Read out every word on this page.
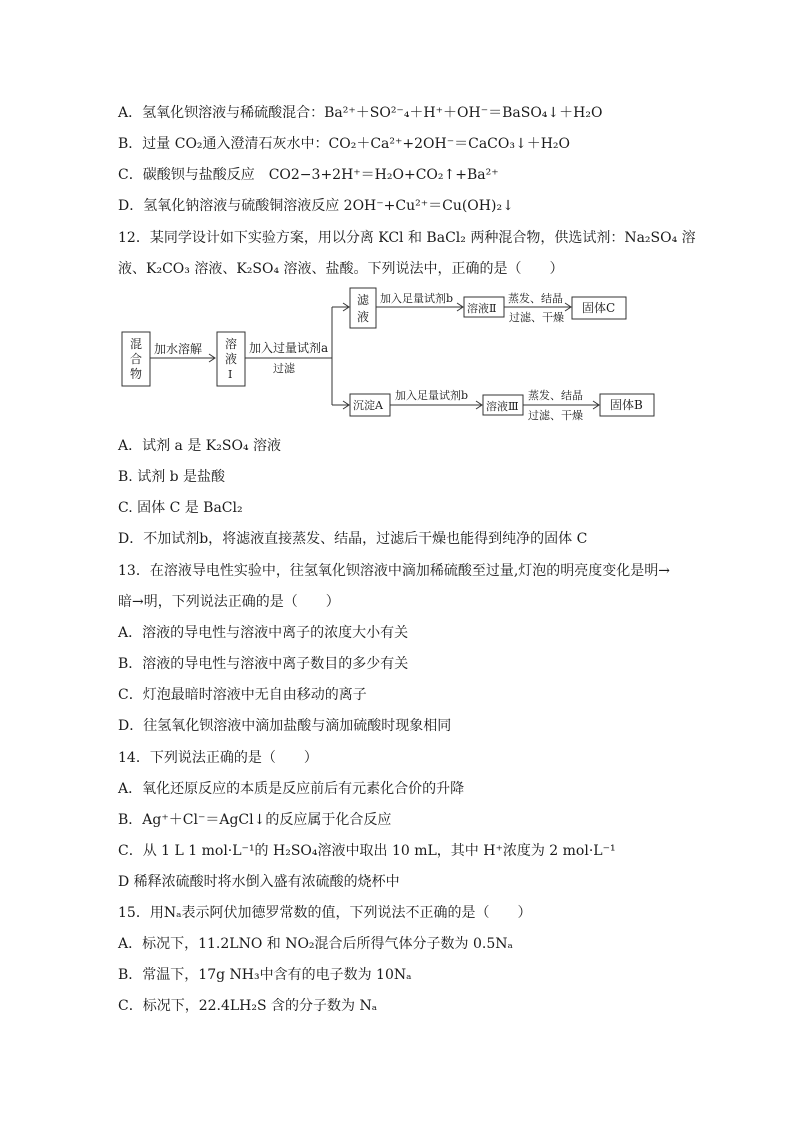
A．氢氧化钡溶液与稀硫酸混合：Ba²⁺＋SO²⁻₄＋H⁺＋OH⁻＝BaSO₄↓＋H₂O
B．过量 CO₂通入澄清石灰水中：CO₂＋Ca²⁺+2OH⁻＝CaCO₃↓＋H₂O
C．碳酸钡与盐酸反应　CO2−3+2H⁺＝H₂O+CO₂↑+Ba²⁺
D．氢氧化钠溶液与硫酸铜溶液反应 2OH⁻+Cu²⁺＝Cu(OH)₂↓
12．某同学设计如下实验方案，用以分离 KCl 和 BaCl₂ 两种混合物，供选试剂：Na₂SO₄ 溶
液、K₂CO₃ 溶液、K₂SO₄ 溶液、盐酸。下列说法中，正确的是（　　）
混
合
物
加水溶解 溶
液
I
加入过量试剂a
过滤
滤
液
加入足量试剂b
溶液Ⅱ
蒸发、结晶
过滤、干燥
固体C
沉淀A
加入足量试剂b
溶液Ⅲ
蒸发、结晶
过滤、干燥
固体B
A．试剂 a 是 K₂SO₄ 溶液
B. 试剂 b 是盐酸
C. 固体 C 是 BaCl₂
D．不加试剂b，将滤液直接蒸发、结晶，过滤后干燥也能得到纯净的固体 C
13．在溶液导电性实验中，往氢氧化钡溶液中滴加稀硫酸至过量,灯泡的明亮度变化是明→
暗→明，下列说法正确的是（　　）
A．溶液的导电性与溶液中离子的浓度大小有关
B．溶液的导电性与溶液中离子数目的多少有关
C．灯泡最暗时溶液中无自由移动的离子
D．往氢氧化钡溶液中滴加盐酸与滴加硫酸时现象相同
14．下列说法正确的是（　　）
A．氧化还原反应的本质是反应前后有元素化合价的升降
B．Ag⁺＋Cl⁻＝AgCl↓的反应属于化合反应
C．从 1 L 1 mol·L⁻¹的 H₂SO₄溶液中取出 10 mL，其中 H⁺浓度为 2 mol·L⁻¹
D 稀释浓硫酸时将水倒入盛有浓硫酸的烧杯中
15．用Nₐ表示阿伏加德罗常数的值，下列说法不正确的是（　　）
A．标况下，11.2LNO 和 NO₂混合后所得气体分子数为 0.5Nₐ
B．常温下，17g NH₃中含有的电子数为 10Nₐ
C．标况下，22.4LH₂S 含的分子数为 Nₐ
